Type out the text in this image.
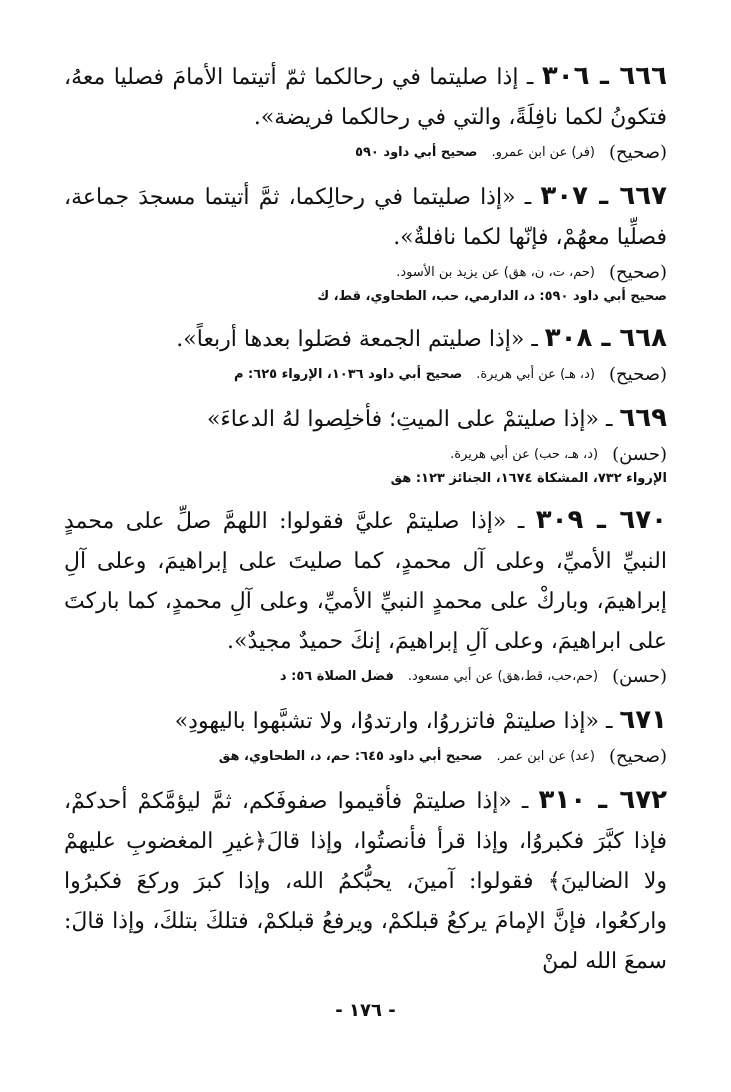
٦٦٦ ـ ٣٠٦ ـ إذا صليتما في رحالكما ثمّ أتيتما الأمامَ فصليا معهُ، فتكونُ لكما نافِلَةً، والتي في رحالكما فريضة».

(صحيح)
(فر) عن ابن عمرو.
صحيح أبي داود ٥٩٠

٦٦٧ ـ ٣٠٧ ـ «إذا صليتما في رحالِكما، ثمَّ أتيتما مسجدَ جماعة، فصلِّيا معهُمْ، فإنّها لكما نافلةٌ».

(صحيح)
(حم، ت، ن، هق) عن يزيد بن الأسود.

صحيح أبي داود ٥٩٠: د، الدارمي، حب، الطحاوي، قط، ك

٦٦٨ ـ ٣٠٨ ـ «إذا صليتم الجمعة فصَلوا بعدها أربعاً».

(صحيح)
(د، هـ) عن أبي هريرة.
صحيح أبي داود ١٠٣٦، الإرواء ٦٢٥: م

٦٦٩ ـ «إذا صليتمْ على الميتِ؛ فأخلِصوا لهُ الدعاءَ»

(حسن)
(د، هـ، حب) عن أبي هريرة.

الإرواء ٧٣٢، المشكاة ١٦٧٤، الجنائز ١٢٣: هق

٦٧٠ ـ ٣٠٩ ـ «إذا صليتمْ عليَّ فقولوا: اللهمَّ صلِّ على محمدٍ النبيِّ الأميِّ، وعلى آل محمدٍ، كما صليتَ على إبراهيمَ، وعلى آلِ إبراهيمَ، وباركْ على محمدٍ النبيِّ الأميِّ، وعلى آلِ محمدٍ، كما باركتَ على ابراهيمَ، وعلى آلِ إبراهيمَ، إنكَ حميدٌ مجيدٌ».

(حسن)
(حم،حب، قط،هق) عن أبي مسعود.
فضل الصلاة ٥٦: د

٦٧١ ـ «إذا صليتمْ فاتزروُا، وارتدوُا، ولا تشبَّهوا باليهودِ»

(صحيح)
(عد) عن ابن عمر.
صحيح أبي داود ٦٤٥: حم، د، الطحاوي، هق

٦٧٢ ـ ٣١٠ ـ «إذا صليتمْ فأقيموا صفوفَكم، ثمَّ ليؤمَّكمْ أحدكمْ، فإذا كبَّرَ فكبروُا، وإذا قرأ فأنصتُوا، وإذا قالَ﴿غيرِ المغضوبِ عليهمْ ولا الضالينَ﴾ فقولوا: آمينَ، يحبُّكمُ الله، وإذا كبرَ وركعَ فكبرُوا واركعُوا، فإنَّ الإمامَ يركعُ قبلكمْ، ويرفعُ قبلكمْ، فتلكَ بتلكَ، وإذا قالَ: سمعَ الله لمنْ

- ١٧٦ -
